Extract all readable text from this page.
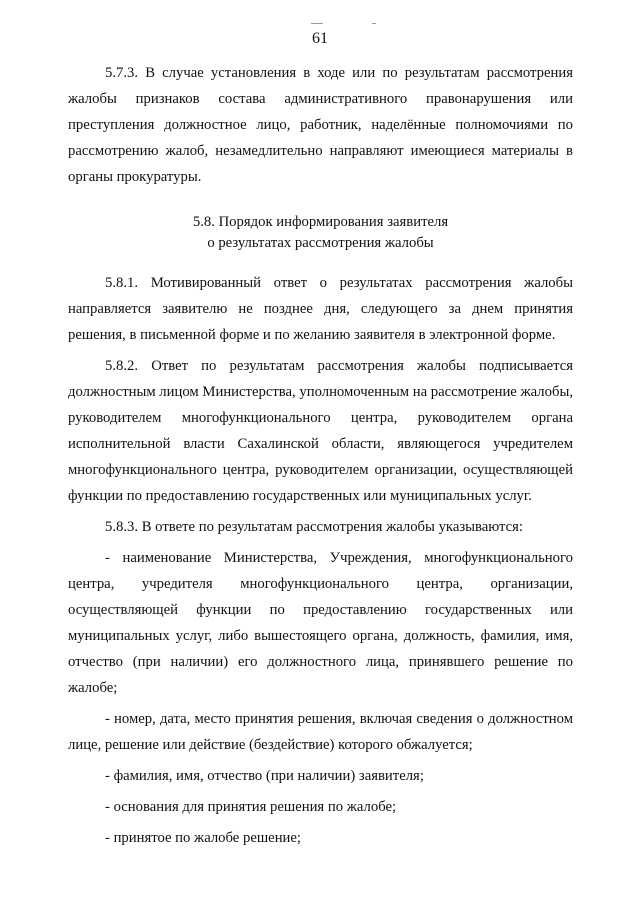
61

5.7.3. В случае установления в ходе или по результатам рассмотрения жалобы признаков состава административного правонарушения или преступления должностное лицо, работник, наделённые полномочиями по рассмотрению жалоб, незамедлительно направляют имеющиеся материалы в органы прокуратуры.

5.8. Порядок информирования заявителя
о результатах рассмотрения жалобы

5.8.1. Мотивированный ответ о результатах рассмотрения жалобы направляется заявителю не позднее дня, следующего за днем принятия решения, в письменной форме и по желанию заявителя в электронной форме.

5.8.2. Ответ по результатам рассмотрения жалобы подписывается должностным лицом Министерства, уполномоченным на рассмотрение жалобы, руководителем многофункционального центра, руководителем органа исполнительной власти Сахалинской области, являющегося учредителем многофункционального центра, руководителем организации, осуществляющей функции по предоставлению государственных или муниципальных услуг.

5.8.3. В ответе по результатам рассмотрения жалобы указываются:

- наименование Министерства, Учреждения, многофункционального центра, учредителя многофункционального центра, организации, осуществляющей функции по предоставлению государственных или муниципальных услуг, либо вышестоящего органа, должность, фамилия, имя, отчество (при наличии) его должностного лица, принявшего решение по жалобе;

- номер, дата, место принятия решения, включая сведения о должностном лице, решение или действие (бездействие) которого обжалуется;

- фамилия, имя, отчество (при наличии) заявителя;

- основания для принятия решения по жалобе;

- принятое по жалобе решение;
